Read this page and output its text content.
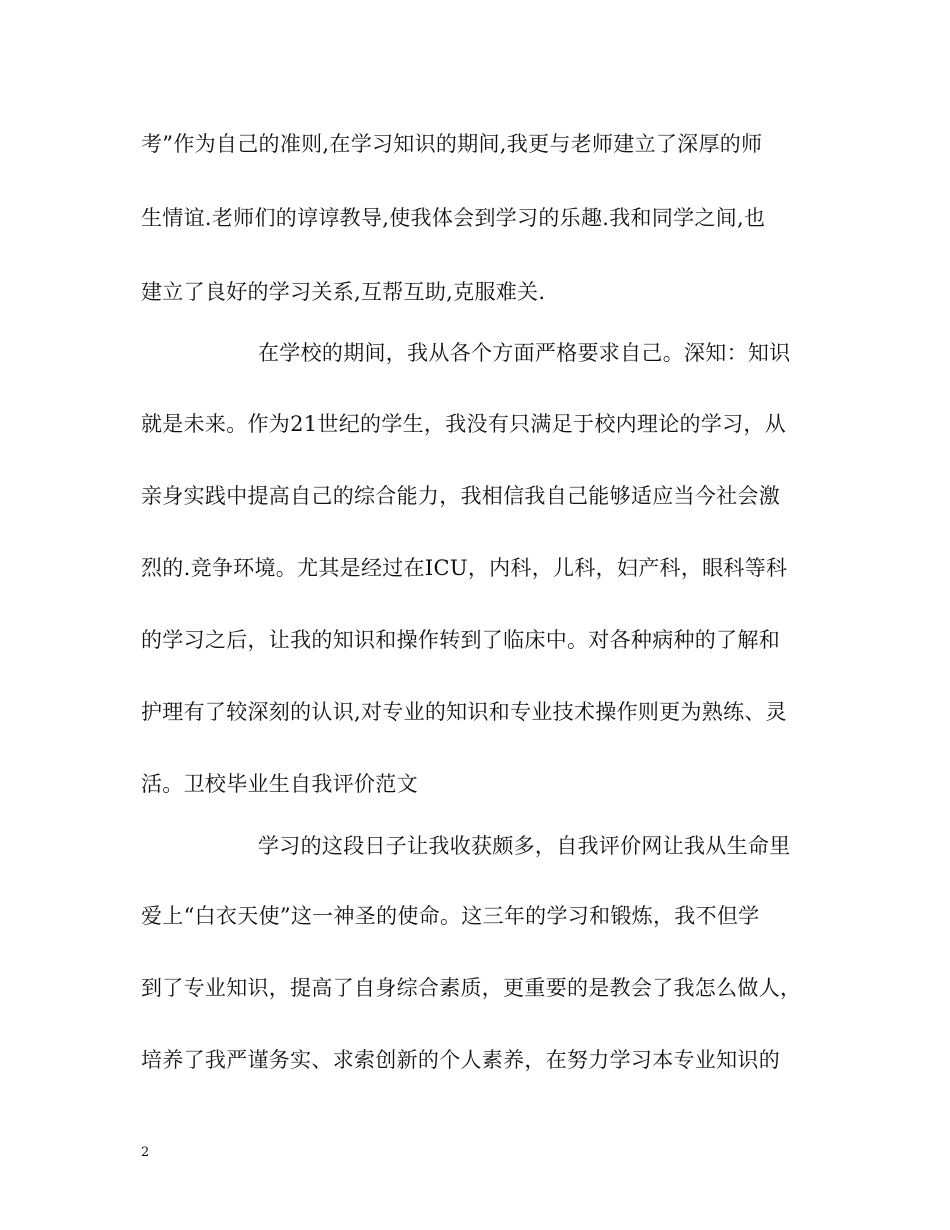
考”作为自己的准则,在学习知识的期间,我更与老师建立了深厚的师
生情谊.老师们的谆谆教导,使我体会到学习的乐趣.我和同学之间,也
建立了良好的学习关系,互帮互助,克服难关.
在学校的期间，我从各个方面严格要求自己。深知：知识
就是未来。作为21世纪的学生，我没有只满足于校内理论的学习，从
亲身实践中提高自己的综合能力，我相信我自己能够适应当今社会激
烈的.竞争环境。尤其是经过在ICU，内科，儿科，妇产科，眼科等科
的学习之后，让我的知识和操作转到了临床中。对各种病种的了解和
护理有了较深刻的认识,对专业的知识和专业技术操作则更为熟练、灵
活。卫校毕业生自我评价范文
学习的这段日子让我收获颇多，自我评价网让我从生命里
爱上“白衣天使”这一神圣的使命。这三年的学习和锻炼，我不但学
到了专业知识，提高了自身综合素质，更重要的是教会了我怎么做人，
培养了我严谨务实、求索创新的个人素养，在努力学习本专业知识的
2
